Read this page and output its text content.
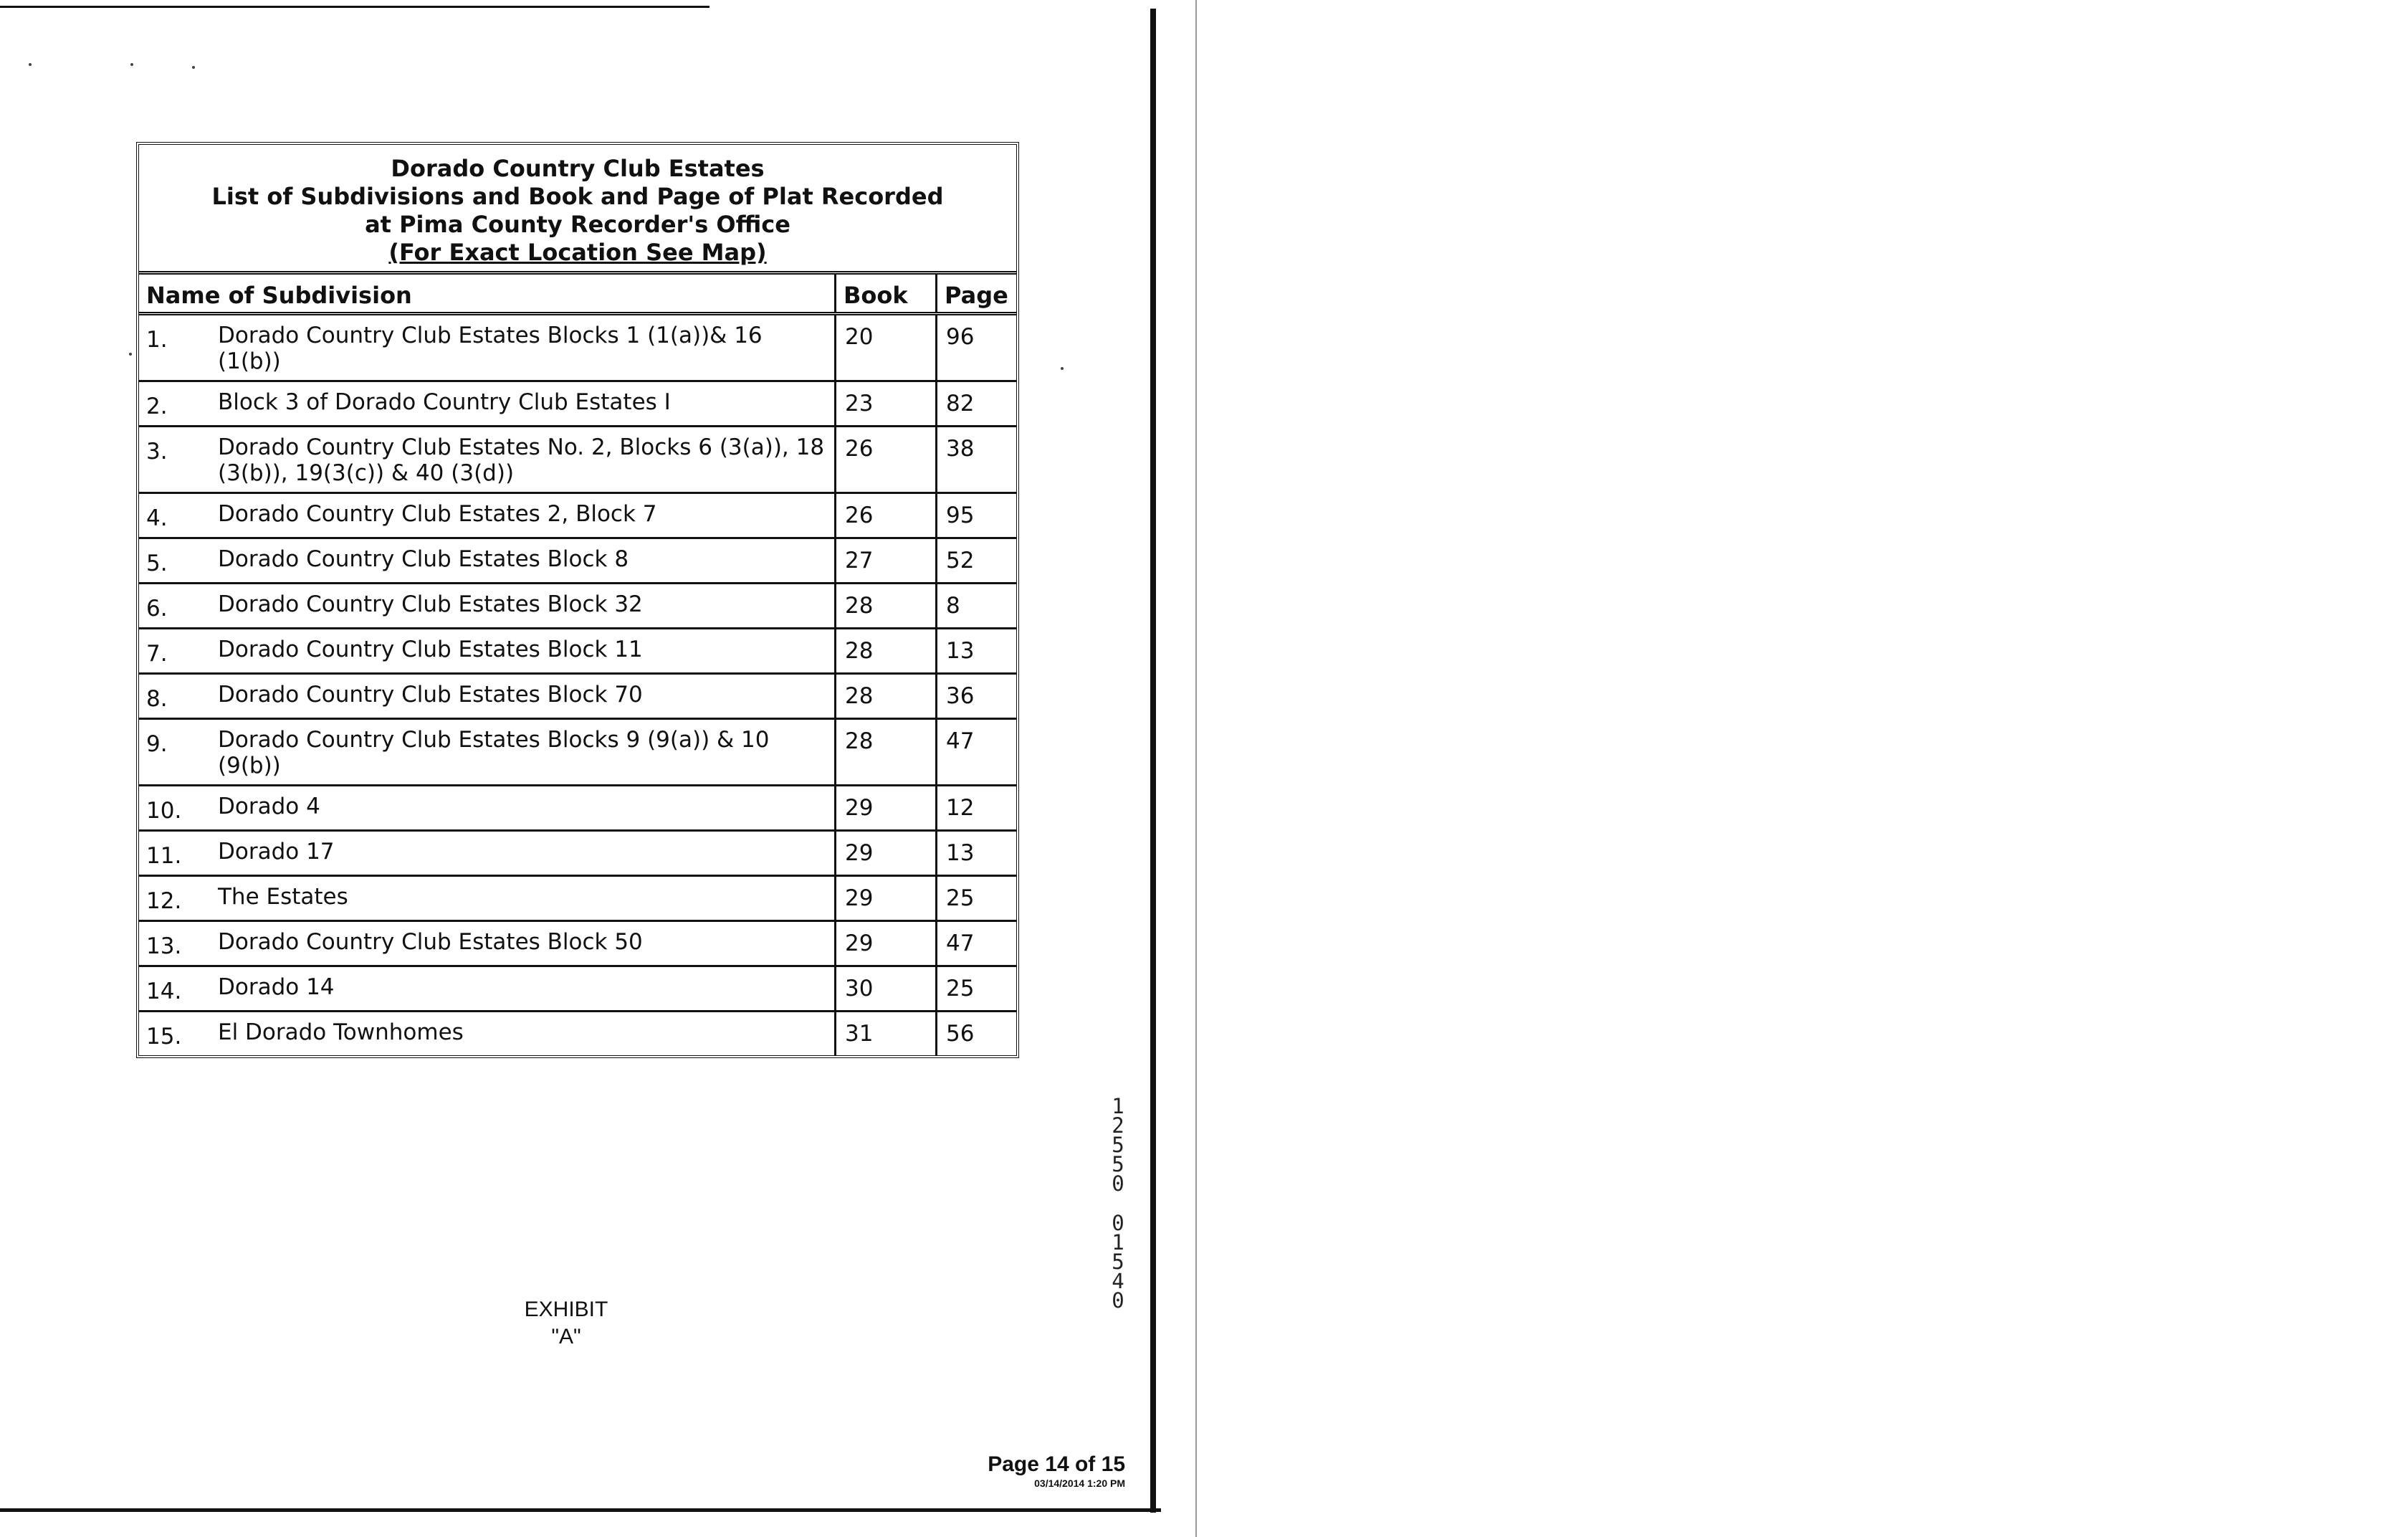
Dorado Country Club Estates
List of Subdivisions and Book and Page of Plat Recorded
at Pima County Recorder's Office
(For Exact Location See Map)
Name of Subdivision	Book	Page

1. Dorado Country Club Estates Blocks 1 (1(a))& 16 (1(b))	20	96

2. Block 3 of Dorado Country Club Estates I	23	82

3. Dorado Country Club Estates No. 2, Blocks 6 (3(a)), 18 (3(b)), 19(3(c)) & 40 (3(d))	26	38

4. Dorado Country Club Estates 2, Block 7	26	95

5. Dorado Country Club Estates Block 8	27	52

6. Dorado Country Club Estates Block 32	28	8

7. Dorado Country Club Estates Block 11	28	13

8. Dorado Country Club Estates Block 70	28	36

9. Dorado Country Club Estates Blocks 9 (9(a)) & 10 (9(b))	28	47

10. Dorado 4	29	12

11. Dorado 17	29	13

12. The Estates	29	25

13. Dorado Country Club Estates Block 50	29	47

14. Dorado 14	30	25

15. El Dorado Townhomes	31	56
EXHIBIT
"A"
1
2
5
5
0
0
1
5
4
0
Page 14 of 15
03/14/2014 1:20 PM
